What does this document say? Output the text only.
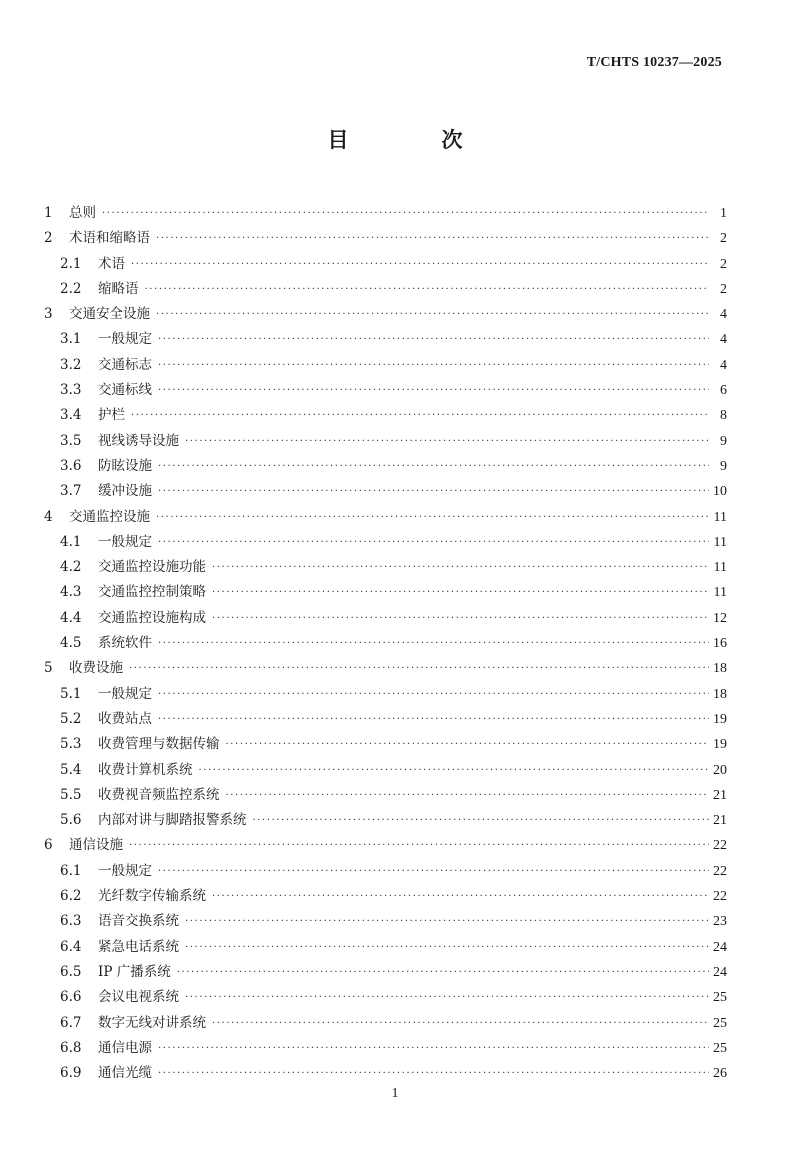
T/CHTS 10237—2025
目　次
1	总则 ·····	1
2	术语和缩略语 ·····	2
2.1	术语 ·····	2
2.2	缩略语 ·····	2
3	交通安全设施 ·····	4
3.1	一般规定 ·····	4
3.2	交通标志 ·····	4
3.3	交通标线 ·····	6
3.4	护栏 ·····	8
3.5	视线诱导设施 ·····	9
3.6	防眩设施 ·····	9
3.7	缓冲设施 ·····	10
4	交通监控设施 ·····	11
4.1	一般规定 ·····	11
4.2	交通监控设施功能 ·····	11
4.3	交通监控控制策略 ·····	11
4.4	交通监控设施构成 ·····	12
4.5	系统软件 ·····	16
5	收费设施 ·····	18
5.1	一般规定 ·····	18
5.2	收费站点 ·····	19
5.3	收费管理与数据传输 ·····	19
5.4	收费计算机系统 ·····	20
5.5	收费视音频监控系统 ·····	21
5.6	内部对讲与脚踏报警系统 ·····	21
6	通信设施 ·····	22
6.1	一般规定 ·····	22
6.2	光纤数字传输系统 ·····	22
6.3	语音交换系统 ·····	23
6.4	紧急电话系统 ·····	24
6.5	IP 广播系统 ·····	24
6.6	会议电视系统 ·····	25
6.7	数字无线对讲系统 ·····	25
6.8	通信电源 ·····	25
6.9	通信光缆 ·····	26
1
